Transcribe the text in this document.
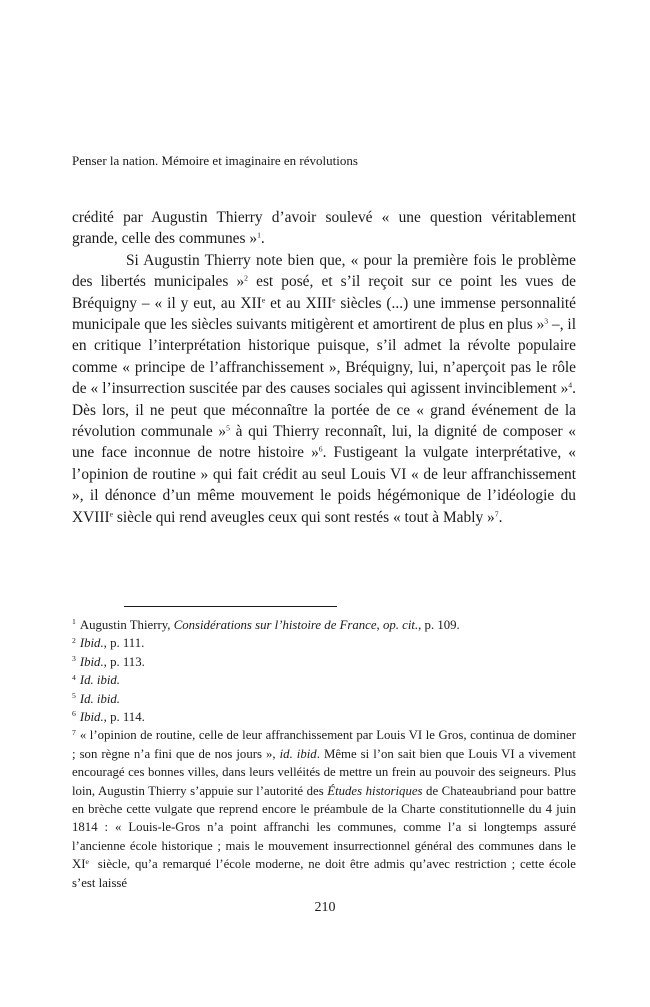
Penser la nation. Mémoire et imaginaire en révolutions

crédité par Augustin Thierry d’avoir soulevé « une question véritablement grande, celle des communes »$^1$.

Si Augustin Thierry note bien que, « pour la première fois le problème des libertés municipales »$^2$ est posé, et s’il reçoit sur ce point les vues de Bréquigny – « il y eut, au XIIe et au XIIIe siècles (...) une immense personnalité municipale que les siècles suivants mitigèrent et amortirent de plus en plus »$^3$ –, il en critique l’interprétation historique puisque, s’il admet la révolte populaire comme « principe de l’affranchissement », Bréquigny, lui, n’aperçoit pas le rôle de « l’insurrection suscitée par des causes sociales qui agissent invinciblement »$^4$. Dès lors, il ne peut que méconnaître la portée de ce « grand événement de la révolution communale »$^5$ à qui Thierry reconnaît, lui, la dignité de composer « une face inconnue de notre histoire »$^6$. Fustigeant la vulgate interprétative, « l’opinion de routine » qui fait crédit au seul Louis VI « de leur affranchissement », il dénonce d’un même mouvement le poids hégémonique de l’idéologie du XVIIIe siècle qui rend aveugles ceux qui sont restés « tout à Mably »$^7$.

$^1$ Augustin Thierry, Considérations sur l’histoire de France, op. cit., p. 109.

$^2$ Ibid., p. 111.

$^3$ Ibid., p. 113.

$^4$ Id. ibid.

$^5$ Id. ibid.

$^6$ Ibid., p. 114.

$^7$ « l’opinion de routine, celle de leur affranchissement par Louis VI le Gros, continua de dominer ; son règne n’a fini que de nos jours », id. ibid. Même si l’on sait bien que Louis VI a vivement encouragé ces bonnes villes, dans leurs velléités de mettre un frein au pouvoir des seigneurs. Plus loin, Augustin Thierry s’appuie sur l’autorité des Études historiques de Chateaubriand pour battre en brèche cette vulgate que reprend encore le préambule de la Charte constitutionnelle du 4 juin 1814 : « Louis-le-Gros n’a point affranchi les communes, comme l’a si longtemps assuré l’ancienne école historique ; mais le mouvement insurrectionnel général des communes dans le XIe siècle, qu’a remarqué l’école moderne, ne doit être admis qu’avec restriction ; cette école s’est laissé

210
